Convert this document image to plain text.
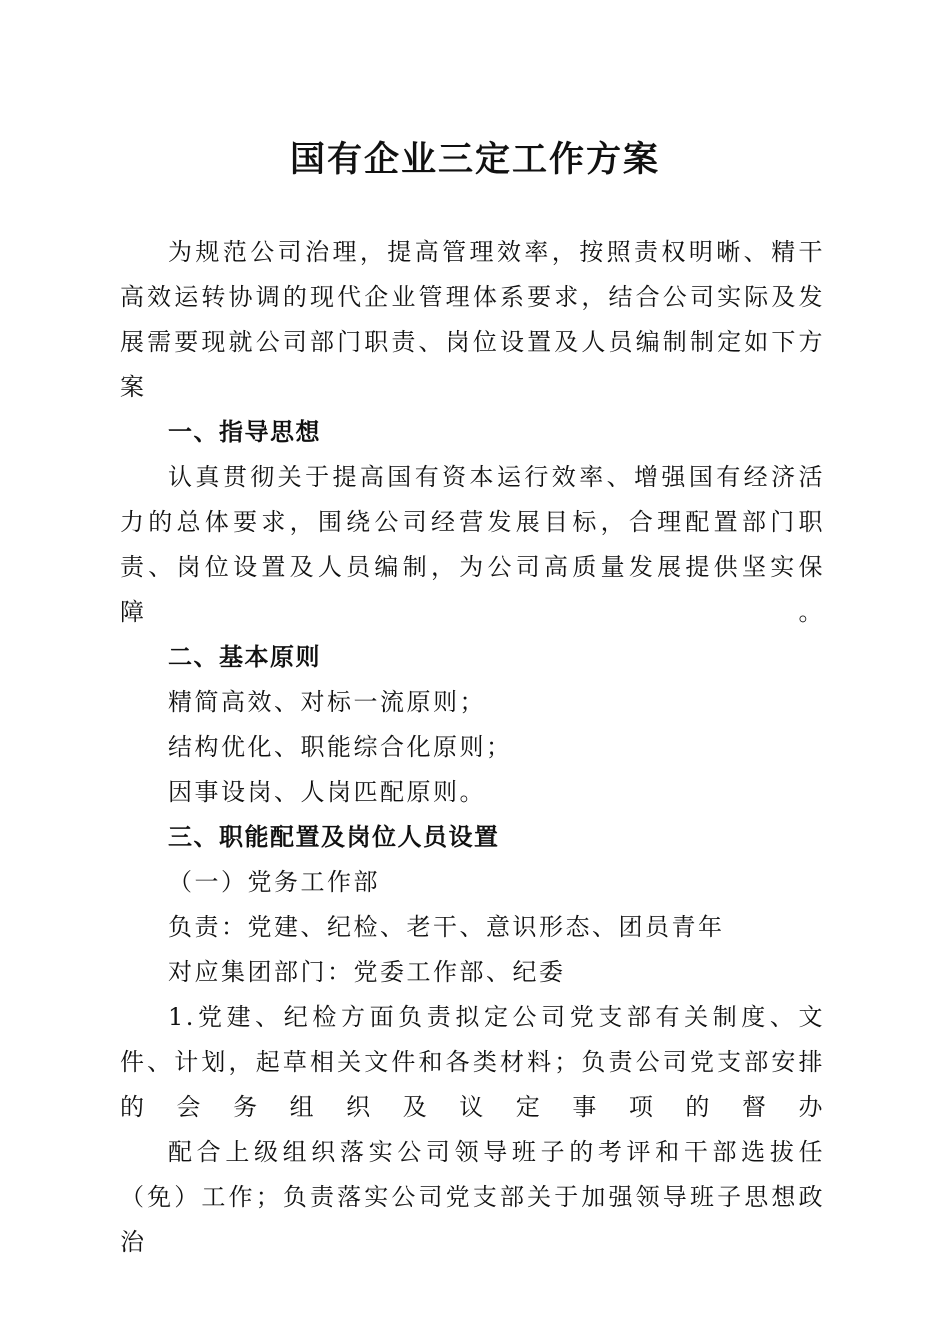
国有企业三定工作方案

为规范公司治理，提高管理效率，按照责权明晰、精干高效运转协调的现代企业管理体系要求，结合公司实际及发展需要现就公司部门职责、岗位设置及人员编制制定如下方案

一、指导思想

认真贯彻关于提高国有资本运行效率、增强国有经济活力的总体要求，围绕公司经营发展目标，合理配置部门职责、岗位设置及人员编制，为公司高质量发展提供坚实保障。

二、基本原则

精简高效、对标一流原则；

结构优化、职能综合化原则；

因事设岗、人岗匹配原则。

三、职能配置及岗位人员设置

（一）党务工作部

负责：党建、纪检、老干、意识形态、团员青年

对应集团部门：党委工作部、纪委

1.党建、纪检方面负责拟定公司党支部有关制度、文件、计划，起草相关文件和各类材料；负责公司党支部安排的会务组织及议定事项的督办

配合上级组织落实公司领导班子的考评和干部选拔任（免）工作；负责落实公司党支部关于加强领导班子思想政治
